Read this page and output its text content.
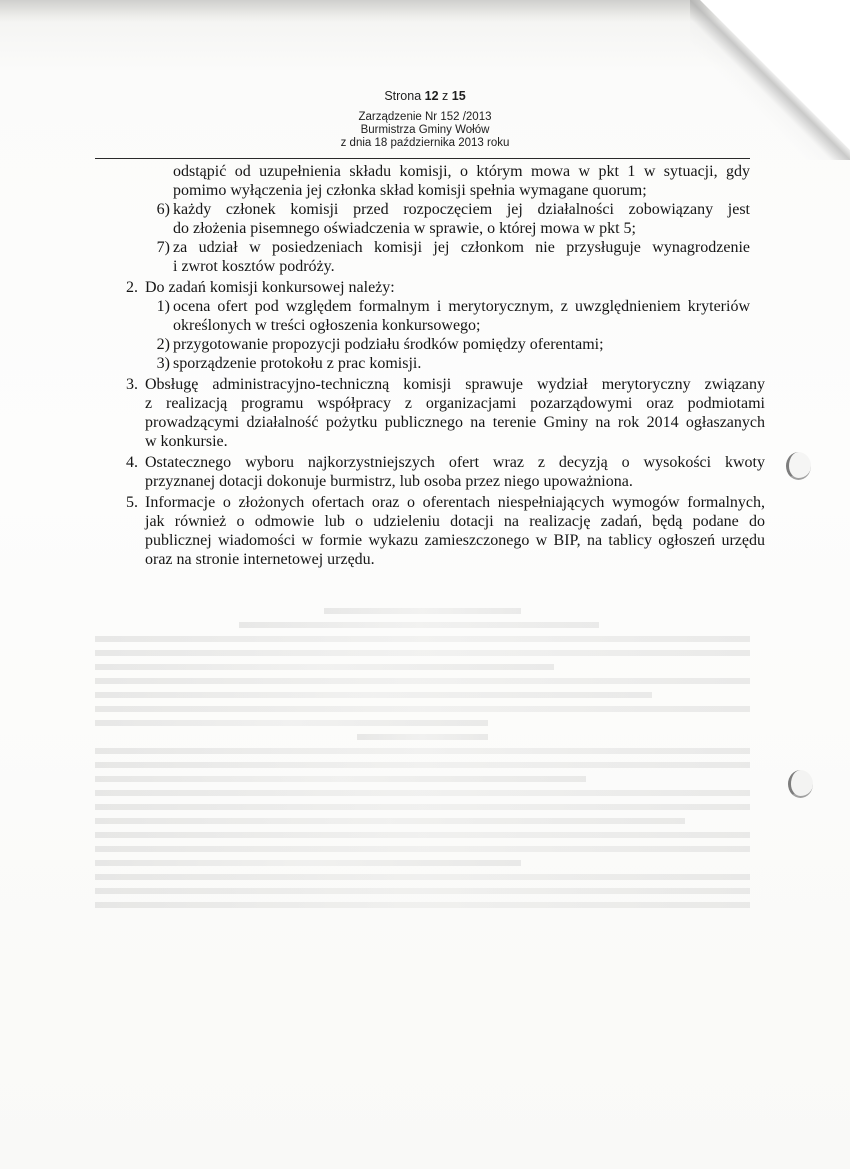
Strona 12 z 15
Zarządzenie Nr 152 /2013
Burmistrza Gminy Wołów
z dnia 18 października 2013 roku
odstąpić od uzupełnienia składu komisji, o którym mowa w pkt 1 w sytuacji, gdy
pomimo wyłączenia jej członka skład komisji spełnia wymagane quorum;
6) każdy członek komisji przed rozpoczęciem jej działalności zobowiązany jest
do złożenia pisemnego oświadczenia w sprawie, o której mowa w pkt 5;
7) za udział w posiedzeniach komisji jej członkom nie przysługuje wynagrodzenie
i zwrot kosztów podróży.
2. Do zadań komisji konkursowej należy:
1) ocena ofert pod względem formalnym i merytorycznym, z uwzględnieniem kryteriów
określonych w treści ogłoszenia konkursowego;
2) przygotowanie propozycji podziału środków pomiędzy oferentami;
3) sporządzenie protokołu z prac komisji.
3. Obsługę administracyjno-techniczną komisji sprawuje wydział merytoryczny związany
z realizacją programu współpracy z organizacjami pozarządowymi oraz podmiotami
prowadzącymi działalność pożytku publicznego na terenie Gminy na rok 2014 ogłaszanych
w konkursie.
4. Ostatecznego wyboru najkorzystniejszych ofert wraz z decyzją o wysokości kwoty
przyznanej dotacji dokonuje burmistrz, lub osoba przez niego upoważniona.
5. Informacje o złożonych ofertach oraz o oferentach niespełniających wymogów formalnych,
jak również o odmowie lub o udzieleniu dotacji na realizację zadań, będą podane do
publicznej wiadomości w formie wykazu zamieszczonego w BIP, na tablicy ogłoszeń urzędu
oraz na stronie internetowej urzędu.
